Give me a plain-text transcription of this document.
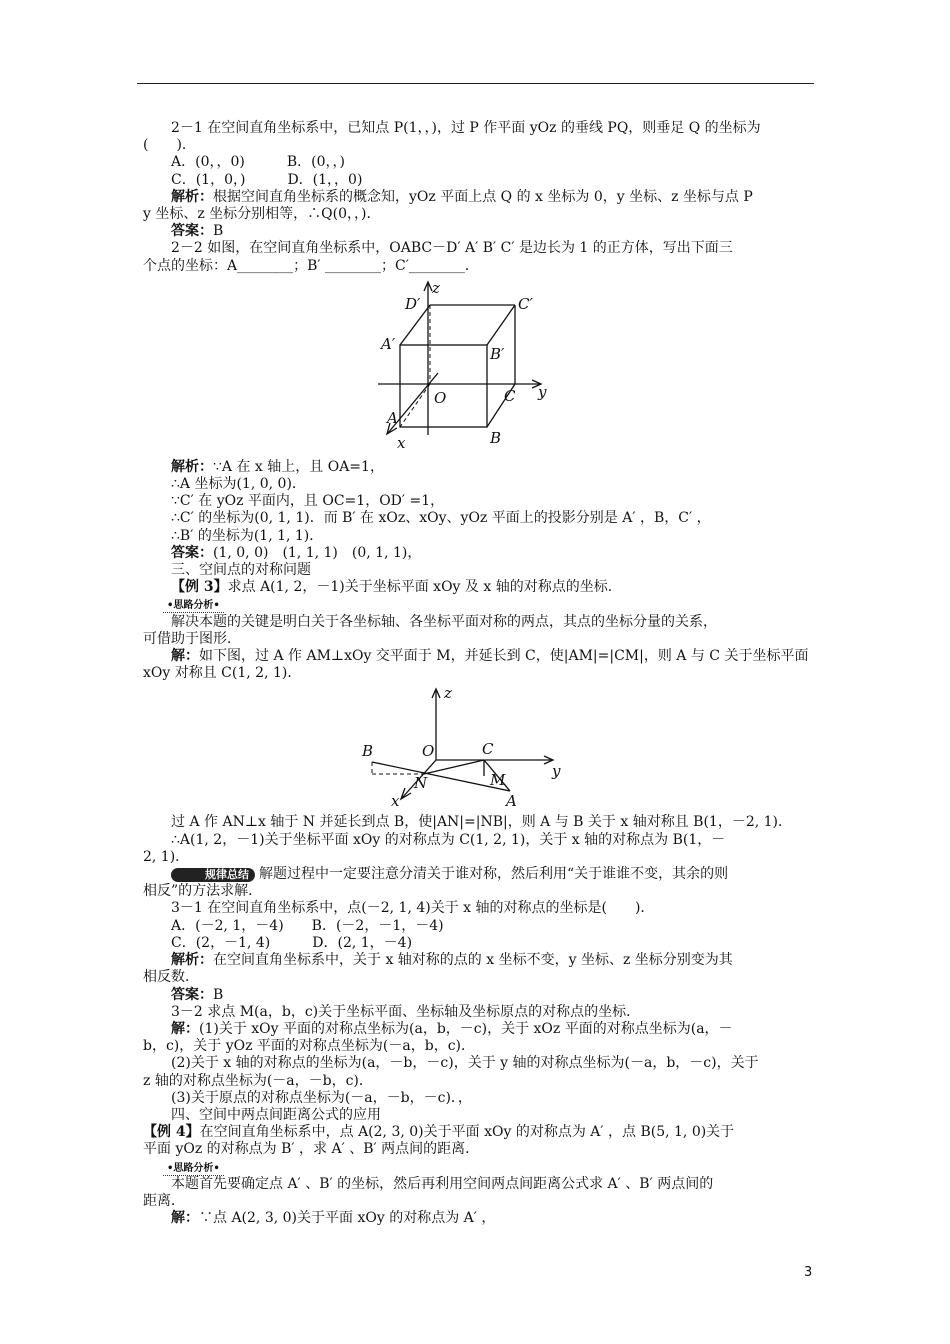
2－1 在空间直角坐标系中，已知点 P(1，，)，过 P 作平面 yOz 的垂线 PQ，则垂足 Q 的坐标为

(　　)．

A．(0，，0)　　　B．(0，，)

C．(1，0，)　　　D．(1，，0)

解析：根据空间直角坐标系的概念知，yOz 平面上点 Q 的 x 坐标为 0，y 坐标、z 坐标与点 P

y 坐标、z 坐标分别相等，∴Q(0，，)．

答案：B

2－2 如图，在空间直角坐标系中，OABC－D′ A′ B′ C′ 是边长为 1 的正方体，写出下面三

个点的坐标：A________；B′ ________；C′________．

z
y
x
O
A
B
C
A′
B′
C′
D′

解析：∵A 在 x 轴上，且 OA=1，

∴A 坐标为(1, 0, 0)．

∵C′ 在 yOz 平面内，且 OC=1，OD′ =1，

∴C′ 的坐标为(0, 1, 1)．而 B′ 在 xOz、xOy、yOz 平面上的投影分别是 A′ ，B，C′ ，

∴B′ 的坐标为(1, 1, 1)．

答案：(1, 0, 0)　(1, 1, 1)　(0, 1, 1)，

三、空间点的对称问题

【例 3】求点 A(1, 2，－1)关于坐标平面 xOy 及 x 轴的对称点的坐标．

•思路分析•

解决本题的关键是明白关于各坐标轴、各坐标平面对称的两点，其点的坐标分量的关系，

可借助于图形．

解：如下图，过 A 作 AM⊥xOy 交平面于 M，并延长到 C，使|AM|=|CM|，则 A 与 C 关于坐标平面

xOy 对称且 C(1, 2, 1)．

z
y
x
O
B	C
M
N
A

过 A 作 AN⊥x 轴于 N 并延长到点 B，使|AN|=|NB|，则 A 与 B 关于 x 轴对称且 B(1，－2, 1)．

∴A(1, 2，－1)关于坐标平面 xOy 的对称点为 C(1, 2, 1)，关于 x 轴的对称点为 B(1，－

2, 1)．

规律总结 解题过程中一定要注意分清关于谁对称，然后利用“关于谁谁不变，其余的则

相反”的方法求解．

3－1 在空间直角坐标系中，点(－2, 1, 4)关于 x 轴的对称点的坐标是(　　)．

A．(－2, 1，－4)　　B．(－2，－1，－4)

C．(2，－1, 4)　　　D．(2, 1，－4)

解析：在空间直角坐标系中，关于 x 轴对称的点的 x 坐标不变，y 坐标、z 坐标分别变为其

相反数．

答案：B

3－2 求点 M(a，b，c)关于坐标平面、坐标轴及坐标原点的对称点的坐标．

解：(1)关于 xOy 平面的对称点坐标为(a，b，－c)，关于 xOz 平面的对称点坐标为(a，－

b，c)，关于 yOz 平面的对称点坐标为(－a，b，c)．

(2)关于 x 轴的对称点的坐标为(a，－b，－c)，关于 y 轴的对称点坐标为(－a，b，－c)，关于

z 轴的对称点坐标为(－a，－b，c)．

(3)关于原点的对称点坐标为(－a，－b，－c)．，

四、空间中两点间距离公式的应用

【例 4】在空间直角坐标系中，点 A(2, 3, 0)关于平面 xOy 的对称点为 A′ ，点 B(5, 1, 0)关于

平面 yOz 的对称点为 B′ ，求 A′ 、B′ 两点间的距离．

•思路分析•

本题首先要确定点 A′ 、B′ 的坐标，然后再利用空间两点间距离公式求 A′ 、B′ 两点间的

距离．

解：∵点 A(2, 3, 0)关于平面 xOy 的对称点为 A′ ，

3
